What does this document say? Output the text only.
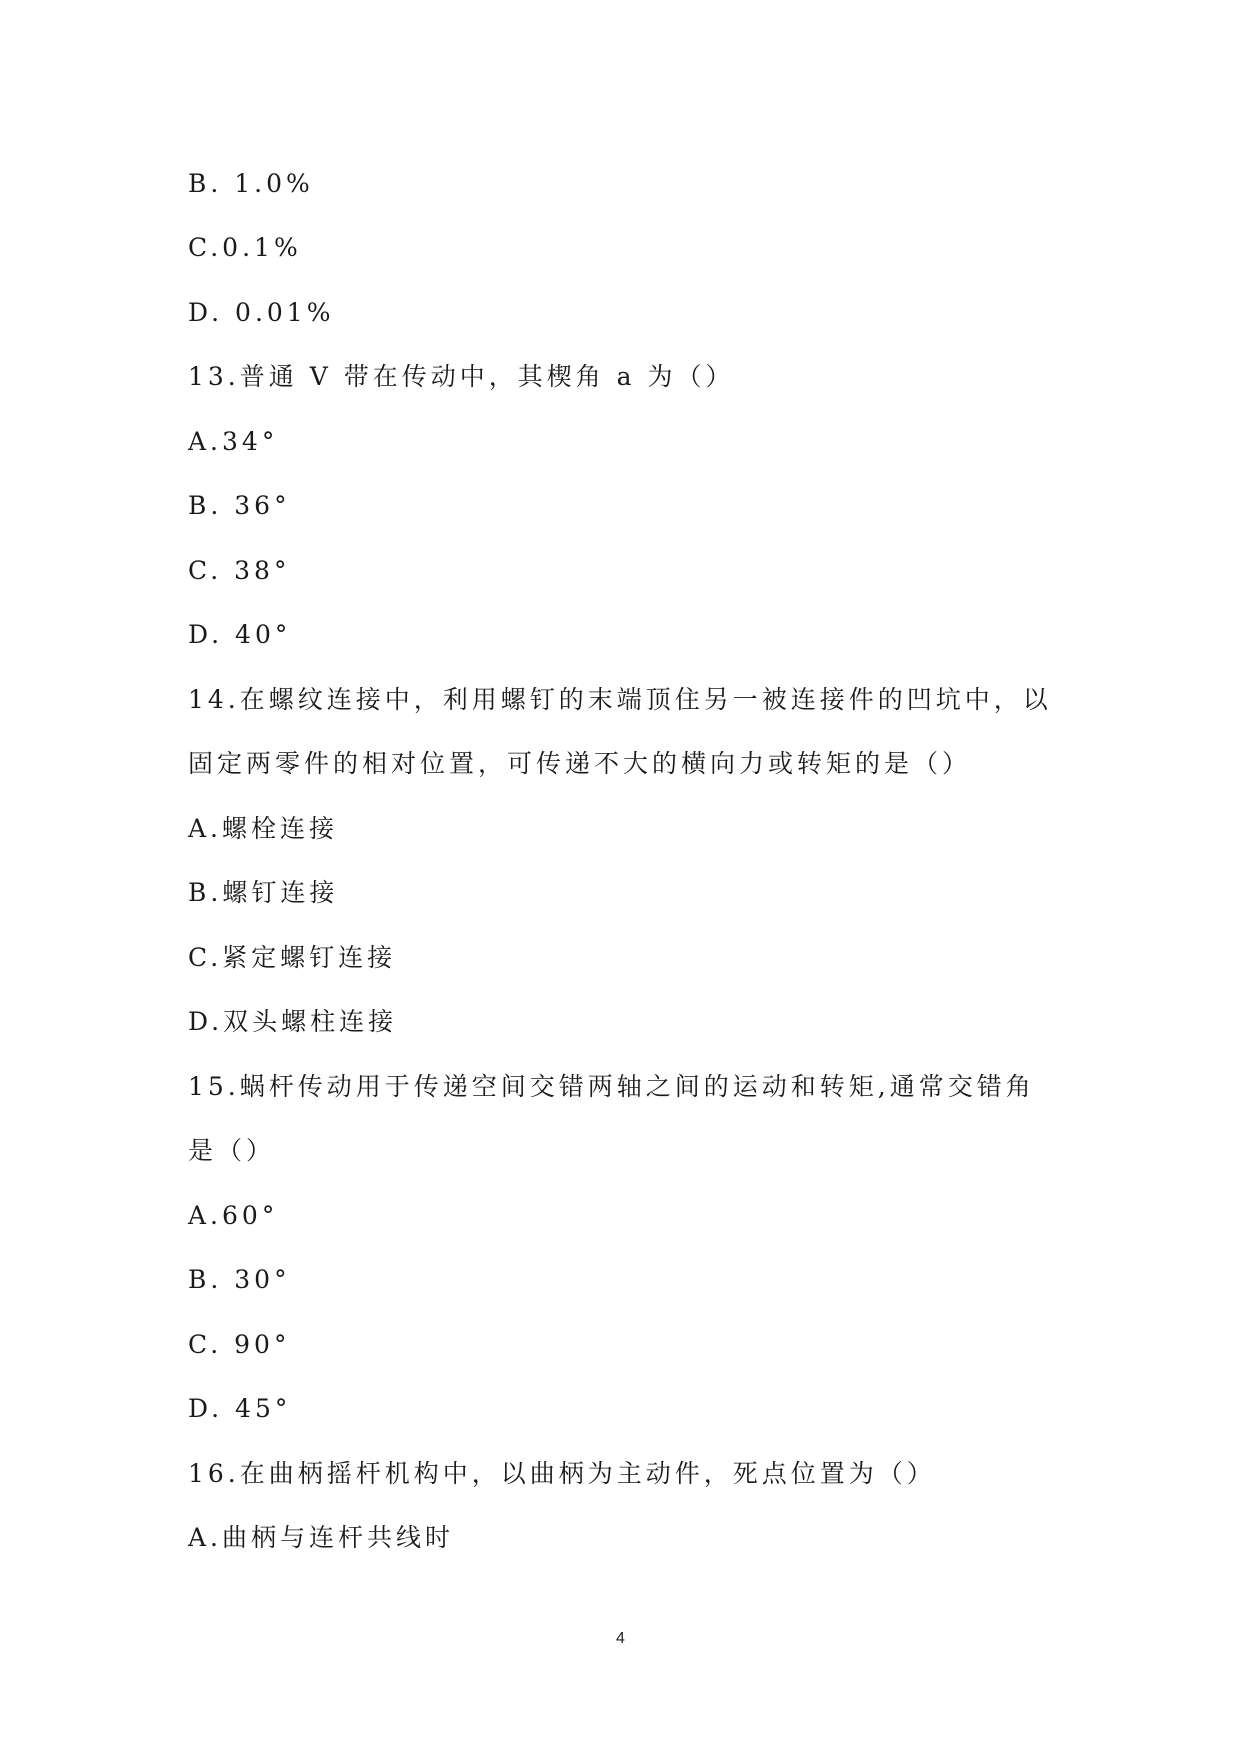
B. 1.0%

C.0.1%

D. 0.01%

13.普通 V 带在传动中，其楔角 a 为（）

A.34°

B. 36°

C. 38°

D. 40°

14.在螺纹连接中，利用螺钉的末端顶住另一被连接件的凹坑中，以

固定两零件的相对位置，可传递不大的横向力或转矩的是（）

A.螺栓连接

B.螺钉连接

C.紧定螺钉连接

D.双头螺柱连接

15.蜗杆传动用于传递空间交错两轴之间的运动和转矩,通常交错角

是（）

A.60°

B. 30°

C. 90°

D. 45°

16.在曲柄摇杆机构中，以曲柄为主动件，死点位置为（）

A.曲柄与连杆共线时

4
